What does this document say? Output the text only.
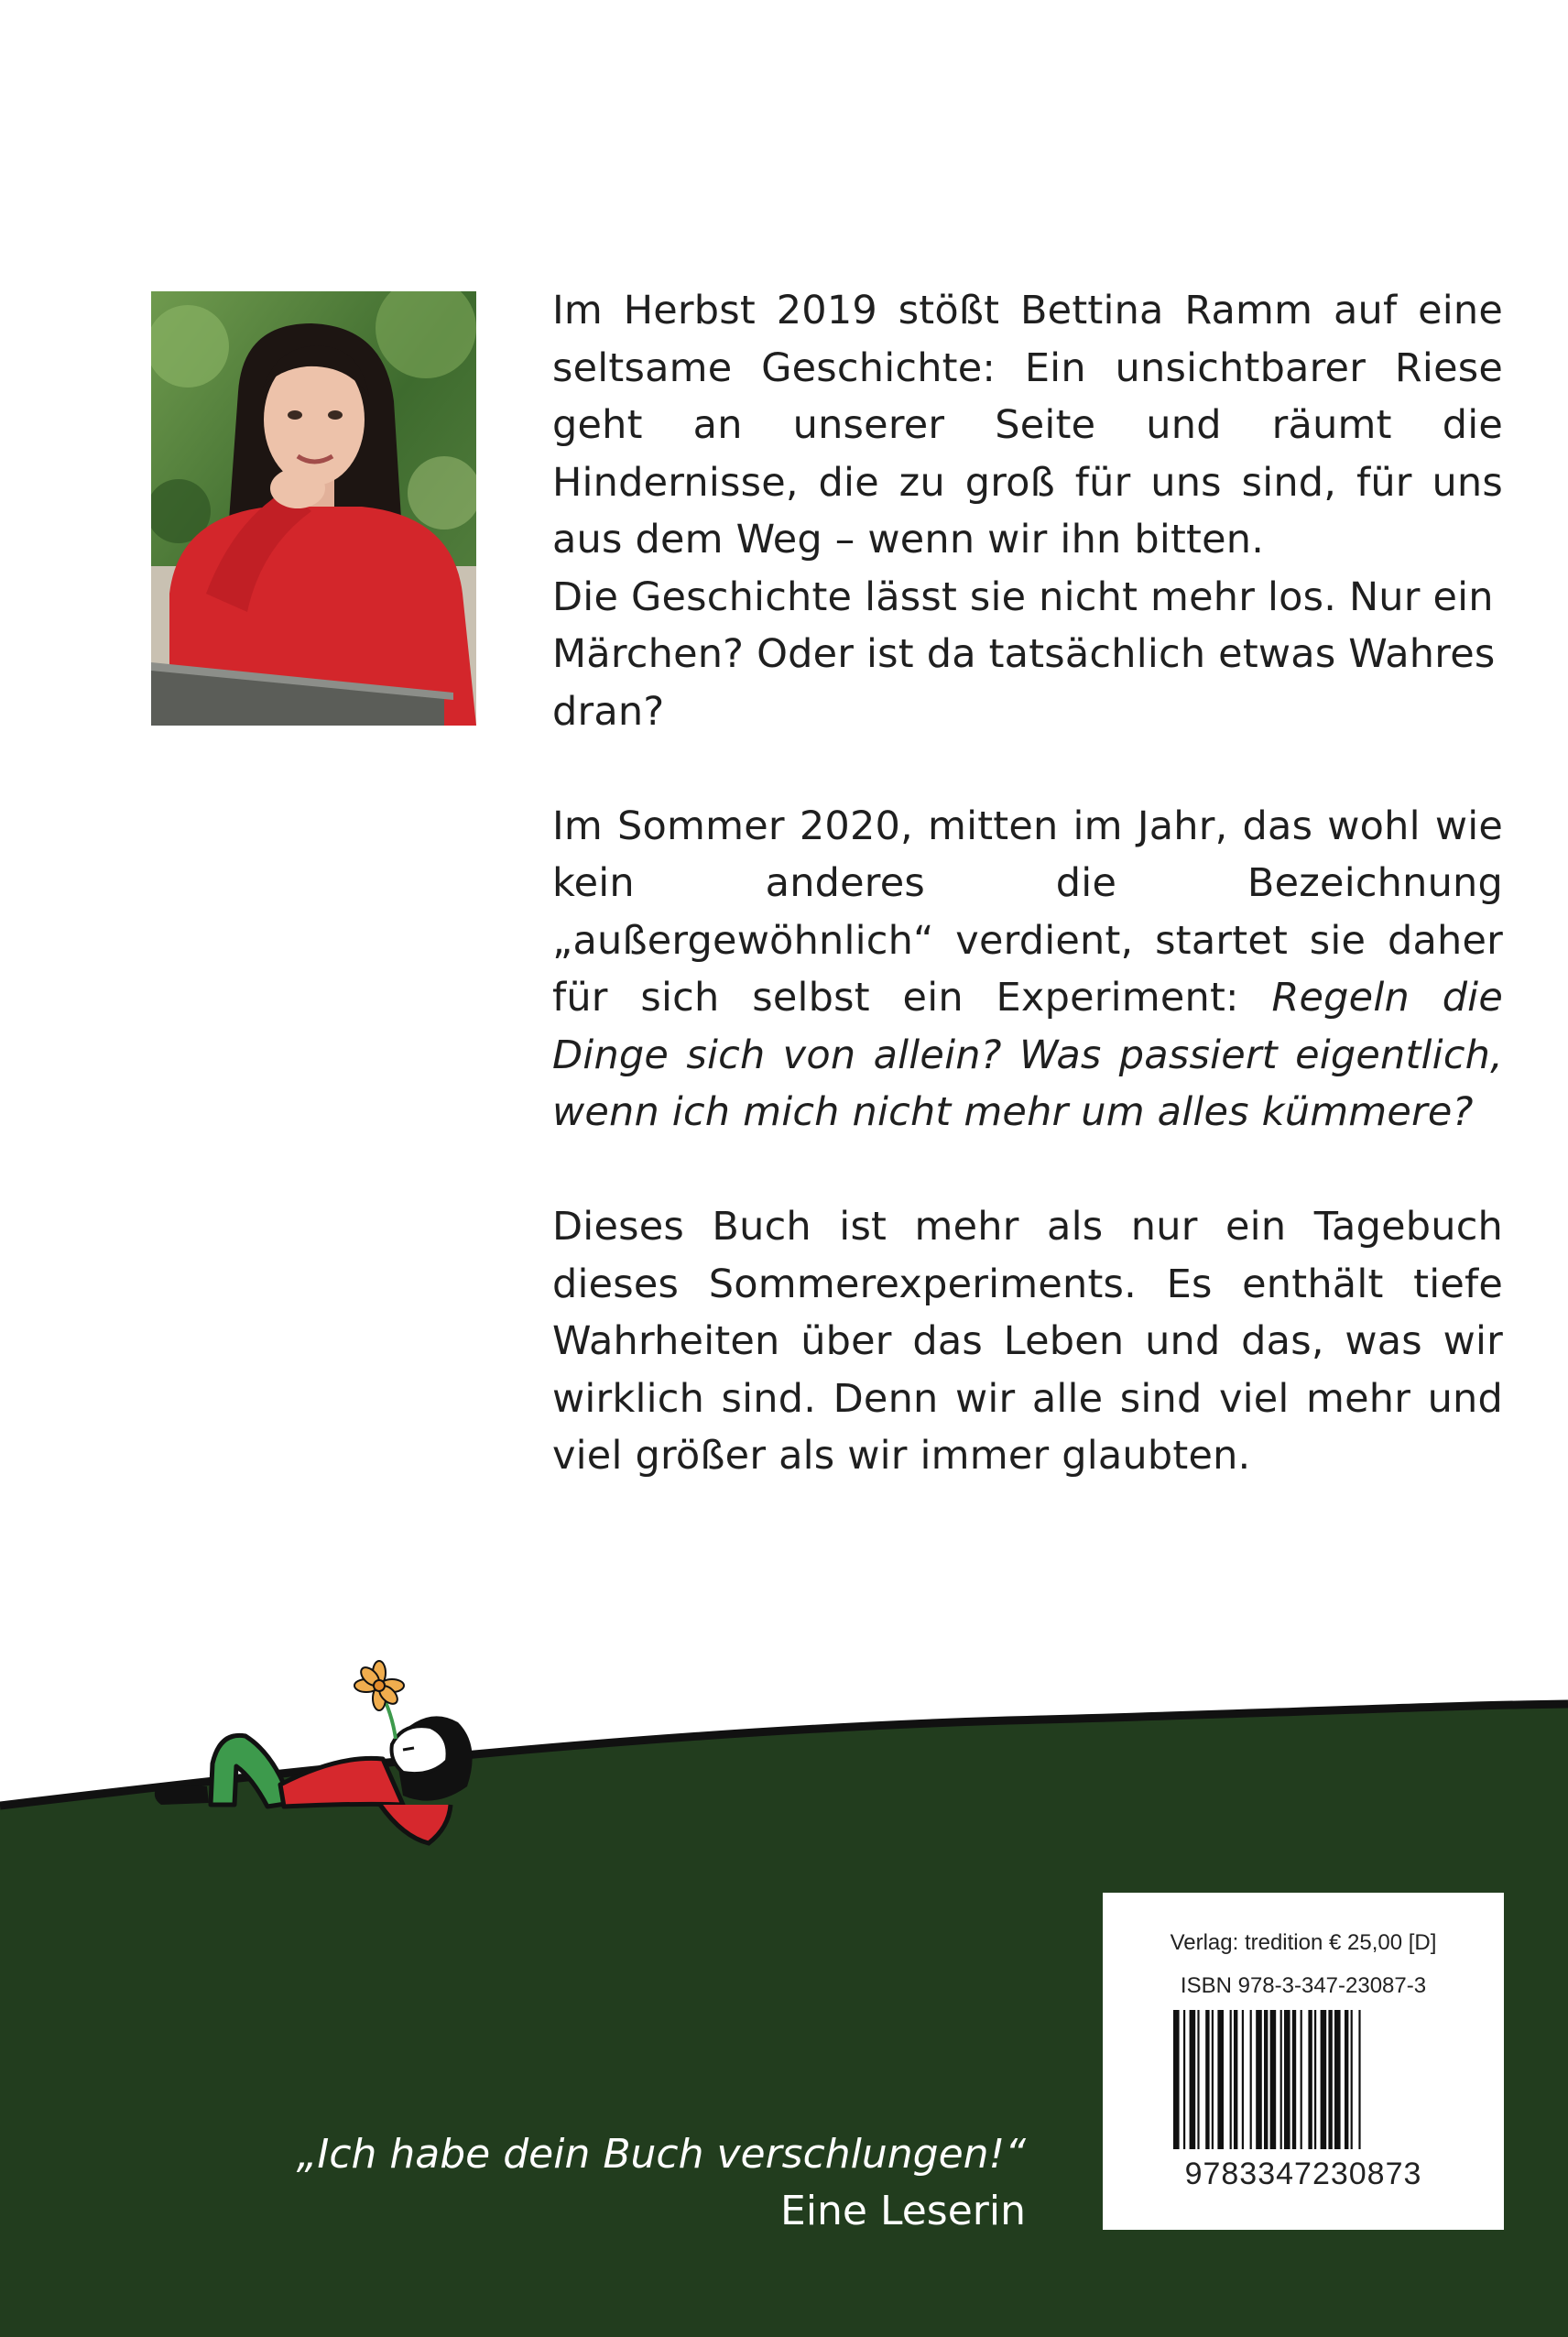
Im Herbst 2019 stößt Bettina Ramm auf eine seltsame Geschichte: Ein unsichtbarer Riese geht an unserer Seite und räumt die Hindernisse, die zu groß für uns sind, für uns aus dem Weg – wenn wir ihn bitten.

Die Geschichte lässt sie nicht mehr los. Nur ein Märchen? Oder ist da tatsächlich etwas Wahres dran?

Im Sommer 2020, mitten im Jahr, das wohl wie kein anderes die Bezeichnung „außergewöhnlich“ verdient, startet sie daher für sich selbst ein Experiment: Regeln die Dinge sich von allein? Was passiert eigentlich, wenn ich mich nicht mehr um alles kümmere?

Dieses Buch ist mehr als nur ein Tagebuch dieses Sommerexperiments. Es enthält tiefe Wahrheiten über das Leben und das, was wir wirklich sind. Denn wir alle sind viel mehr und viel größer als wir immer glaubten.

„Ich habe dein Buch verschlungen!“
Eine Leserin
Verlag: tredition € 25,00 [D]
ISBN 978-3-347-23087-3
9783347230873
